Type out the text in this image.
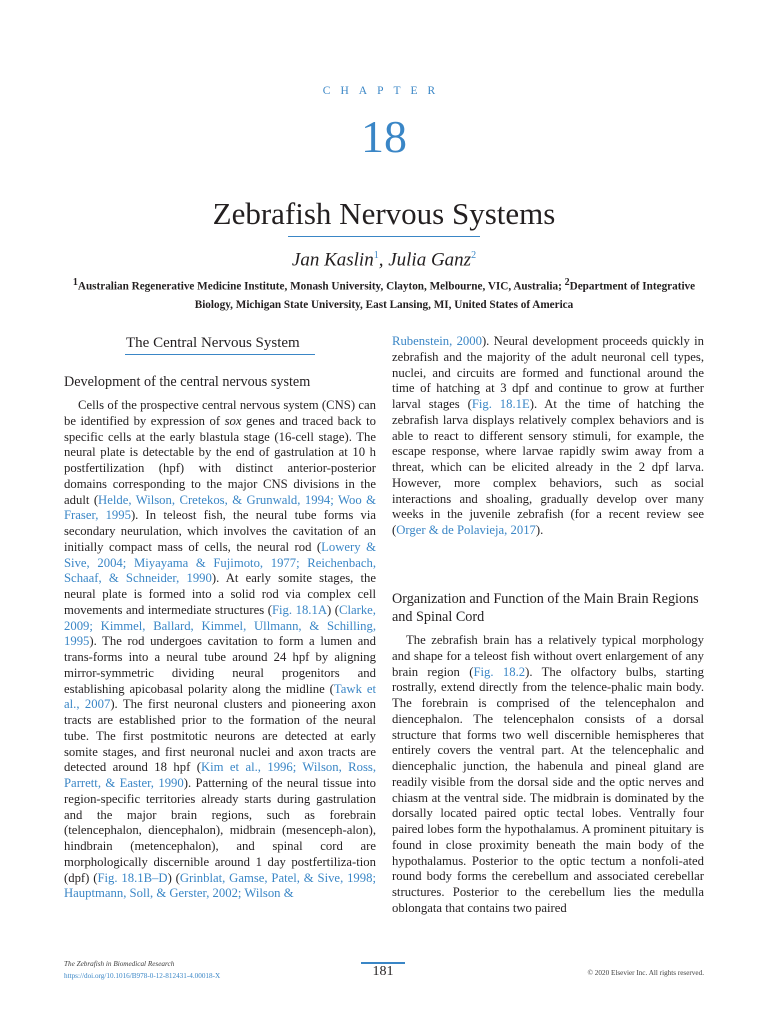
CHAPTER
18
Zebrafish Nervous Systems
Jan Kaslin$^1$, Julia Ganz$^2$
$^1$Australian Regenerative Medicine Institute, Monash University, Clayton, Melbourne, VIC, Australia; $^2$Department of Integrative Biology, Michigan State University, East Lansing, MI, United States of America
The Central Nervous System
Development of the central nervous system

Cells of the prospective central nervous system (CNS) can be identified by expression of sox genes and traced back to specific cells at the early blastula stage (16-cell stage). The neural plate is detectable by the end of gastrulation at 10 h postfertilization (hpf) with distinct anterior-posterior domains corresponding to the major CNS divisions in the adult (Helde, Wilson, Cretekos, & Grunwald, 1994; Woo & Fraser, 1995). In teleost fish, the neural tube forms via secondary neurulation, which involves the cavitation of an initially compact mass of cells, the neural rod (Lowery & Sive, 2004; Miyayama & Fujimoto, 1977; Reichenbach, Schaaf, & Schneider, 1990). At early somite stages, the neural plate is formed into a solid rod via complex cell movements and intermediate structures (Fig. 18.1A) (Clarke, 2009; Kimmel, Ballard, Kimmel, Ullmann, & Schilling, 1995). The rod undergoes cavitation to form a lumen and trans-forms into a neural tube around 24 hpf by aligning mirror-symmetric dividing neural progenitors and establishing apicobasal polarity along the midline (Tawk et al., 2007). The first neuronal clusters and pioneering axon tracts are established prior to the formation of the neural tube. The first postmitotic neurons are detected at early somite stages, and first neuronal nuclei and axon tracts are detected around 18 hpf (Kim et al., 1996; Wilson, Ross, Parrett, & Easter, 1990). Patterning of the neural tissue into region-specific territories already starts during gastrulation and the major brain regions, such as forebrain (telencephalon, diencephalon), midbrain (mesenceph-alon), hindbrain (metencephalon), and spinal cord are morphologically discernible around 1 day postfertiliza-tion (dpf) (Fig. 18.1B–D) (Grinblat, Gamse, Patel, & Sive, 1998; Hauptmann, Soll, & Gerster, 2002; Wilson &

Rubenstein, 2000). Neural development proceeds quickly in zebrafish and the majority of the adult neuronal cell types, nuclei, and circuits are formed and functional around the time of hatching at 3 dpf and continue to grow at further larval stages (Fig. 18.1E). At the time of hatching the zebrafish larva displays relatively complex behaviors and is able to react to different sensory stimuli, for example, the escape response, where larvae rapidly swim away from a threat, which can be elicited already in the 2 dpf larva. However, more complex behaviors, such as social interactions and shoaling, gradually develop over many weeks in the juvenile zebrafish (for a recent review see (Orger & de Polavieja, 2017).

Organization and Function of the Main Brain Regions and Spinal Cord

The zebrafish brain has a relatively typical morphology and shape for a teleost fish without overt enlargement of any brain region (Fig. 18.2). The olfactory bulbs, starting rostrally, extend directly from the telence-phalic main body. The forebrain is comprised of the telencephalon and diencephalon. The telencephalon consists of a dorsal structure that forms two well discernible hemispheres that entirely covers the ventral part. At the telencephalic and diencephalic junction, the habenula and pineal gland are readily visible from the dorsal side and the optic nerves and chiasm at the ventral side. The midbrain is dominated by the dorsally located paired optic tectal lobes. Ventrally four paired lobes form the hypothalamus. A prominent pituitary is found in close proximity beneath the main body of the hypothalamus. Posterior to the optic tectum a nonfoli-ated round body forms the cerebellum and associated cerebellar structures. Posterior to the cerebellum lies the medulla oblongata that contains two paired

The Zebrafish in Biomedical Research
https://doi.org/10.1016/B978-0-12-812431-4.00018-X	181	© 2020 Elsevier Inc. All rights reserved.
